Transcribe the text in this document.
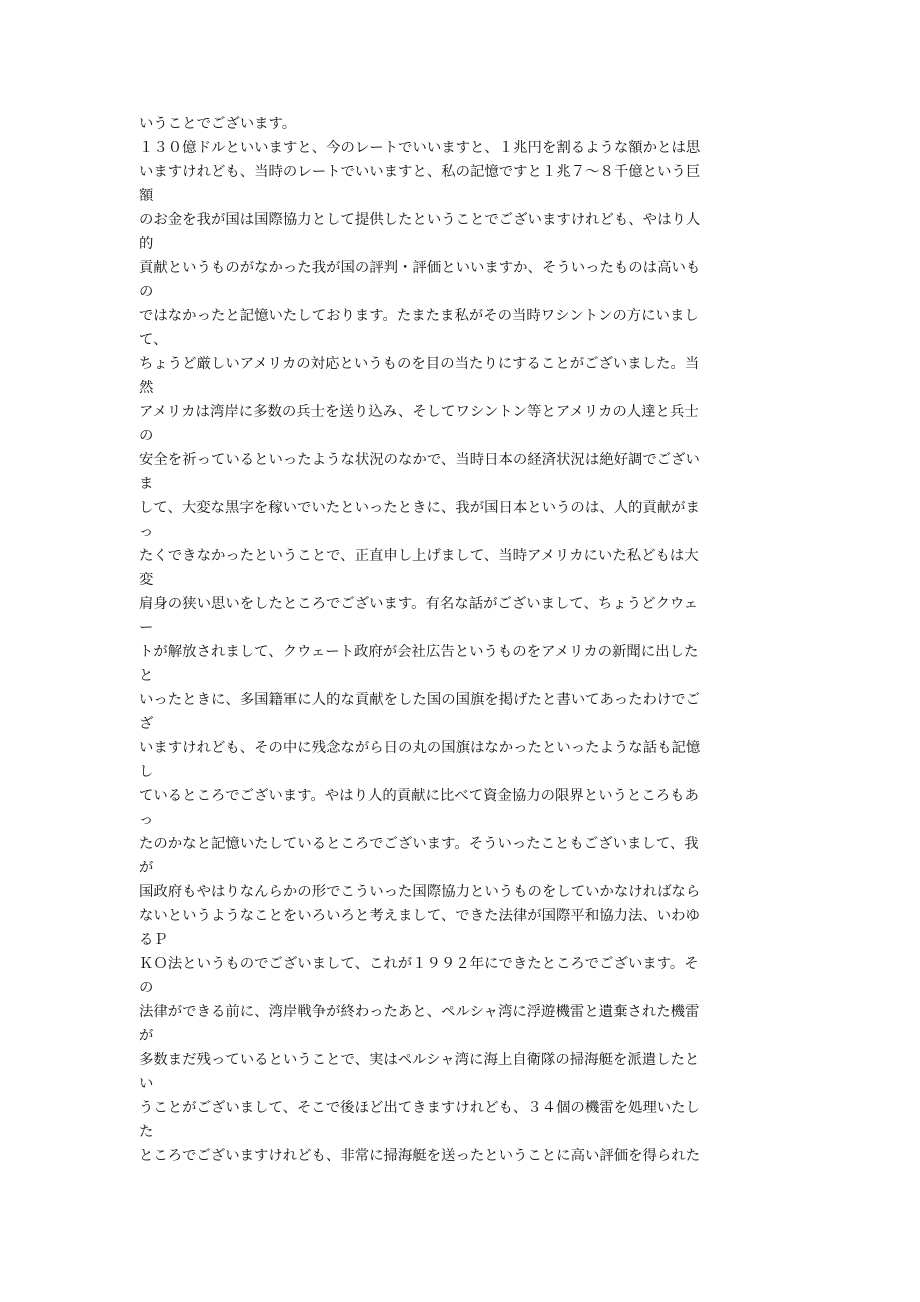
いうことでございます。
１３０億ドルといいますと、今のレートでいいますと、１兆円を割るような額かとは思
いますけれども、当時のレートでいいますと、私の記憶ですと１兆７～８千億という巨
額
のお金を我が国は国際協力として提供したということでございますけれども、やはり人
的
貢献というものがなかった我が国の評判・評価といいますか、そういったものは高いも
の
ではなかったと記憶いたしております。たまたま私がその当時ワシントンの方にいまし
て、
ちょうど厳しいアメリカの対応というものを目の当たりにすることがございました。当
然
アメリカは湾岸に多数の兵士を送り込み、そしてワシントン等とアメリカの人達と兵士
の
安全を祈っているといったような状況のなかで、当時日本の経済状況は絶好調でござい
ま
して、大変な黒字を稼いでいたといったときに、我が国日本というのは、人的貢献がま
っ
たくできなかったということで、正直申し上げまして、当時アメリカにいた私どもは大
変
肩身の狭い思いをしたところでございます。有名な話がございまして、ちょうどクウェ
ー
トが解放されまして、クウェート政府が会社広告というものをアメリカの新聞に出した
と
いったときに、多国籍軍に人的な貢献をした国の国旗を掲げたと書いてあったわけでご
ざ
いますけれども、その中に残念ながら日の丸の国旗はなかったといったような話も記憶
し
ているところでございます。やはり人的貢献に比べて資金協力の限界というところもあ
っ
たのかなと記憶いたしているところでございます。そういったこともございまして、我
が
国政府もやはりなんらかの形でこういった国際協力というものをしていかなければなら
ないというようなことをいろいろと考えまして、できた法律が国際平和協力法、いわゆ
るＰ
ＫＯ法というものでございまして、これが１９９２年にできたところでございます。そ
の
法律ができる前に、湾岸戦争が終わったあと、ペルシャ湾に浮遊機雷と遺棄された機雷
が
多数まだ残っているということで、実はペルシャ湾に海上自衛隊の掃海艇を派遣したと
い
うことがございまして、そこで後ほど出てきますけれども、３４個の機雷を処理いたし
た
ところでございますけれども、非常に掃海艇を送ったということに高い評価を得られた
